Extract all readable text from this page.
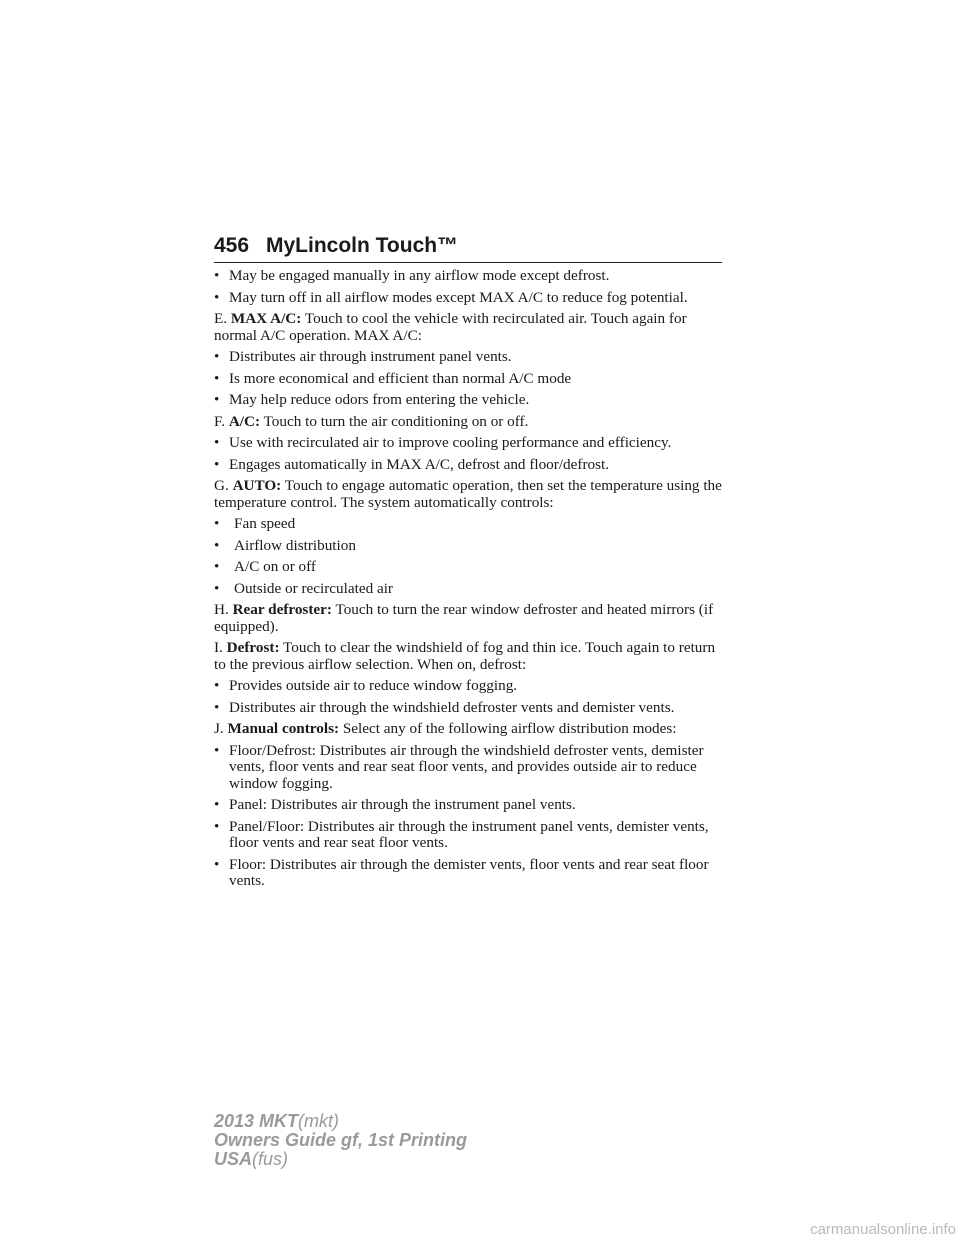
456 MyLincoln Touch™
• May be engaged manually in any airflow mode except defrost.
• May turn off in all airflow modes except MAX A/C to reduce fog potential.
E. MAX A/C: Touch to cool the vehicle with recirculated air. Touch again for normal A/C operation. MAX A/C:
• Distributes air through instrument panel vents.
• Is more economical and efficient than normal A/C mode
• May help reduce odors from entering the vehicle.
F. A/C: Touch to turn the air conditioning on or off.
• Use with recirculated air to improve cooling performance and efficiency.
• Engages automatically in MAX A/C, defrost and floor/defrost.
G. AUTO: Touch to engage automatic operation, then set the temperature using the temperature control. The system automatically controls:
• Fan speed
• Airflow distribution
• A/C on or off
• Outside or recirculated air
H. Rear defroster: Touch to turn the rear window defroster and heated mirrors (if equipped).
I. Defrost: Touch to clear the windshield of fog and thin ice. Touch again to return to the previous airflow selection. When on, defrost:
• Provides outside air to reduce window fogging.
• Distributes air through the windshield defroster vents and demister vents.
J. Manual controls: Select any of the following airflow distribution modes:
• Floor/Defrost: Distributes air through the windshield defroster vents, demister vents, floor vents and rear seat floor vents, and provides outside air to reduce window fogging.
• Panel: Distributes air through the instrument panel vents.
• Panel/Floor: Distributes air through the instrument panel vents, demister vents, floor vents and rear seat floor vents.
• Floor: Distributes air through the demister vents, floor vents and rear seat floor vents.
2013 MKT(mkt)
Owners Guide gf, 1st Printing
USA(fus)
carmanualsonline.info
